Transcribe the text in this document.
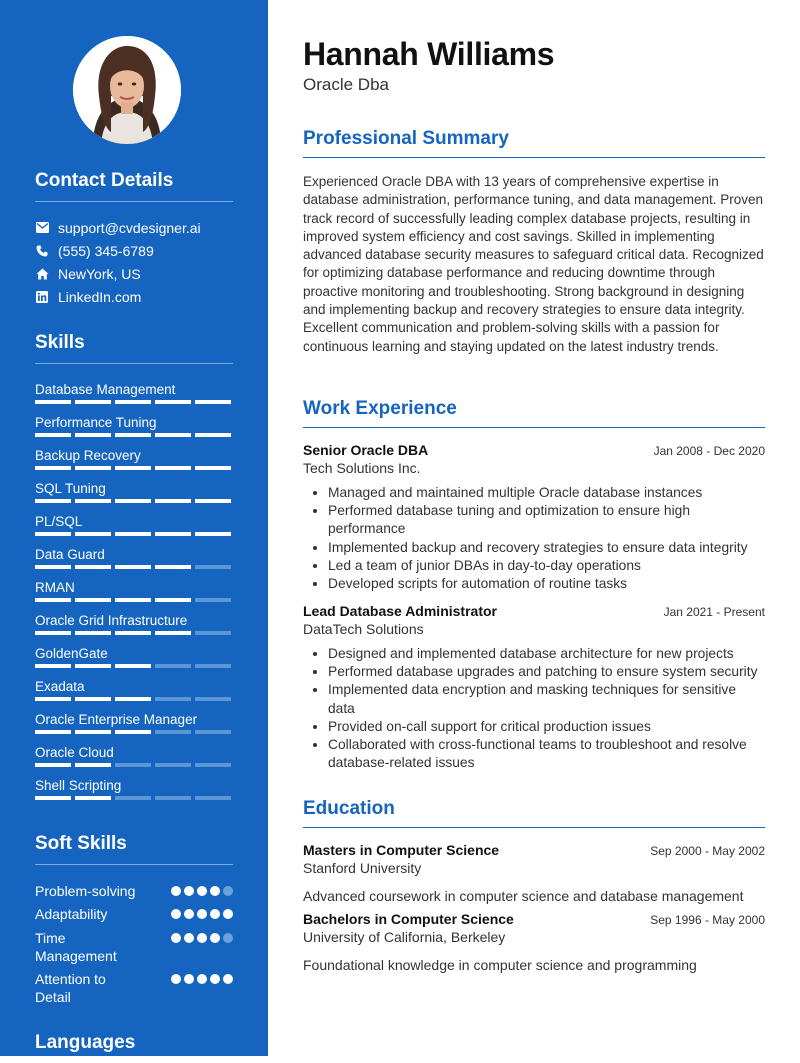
Contact Details
support@cvdesigner.ai
(555) 345-6789
NewYork, US
LinkedIn.com
Skills
Database Management
Performance Tuning
Backup Recovery
SQL Tuning
PL/SQL
Data Guard
RMAN
Oracle Grid Infrastructure
GoldenGate
Exadata
Oracle Enterprise Manager
Oracle Cloud
Shell Scripting
Soft Skills
Problem-solving
Adaptability
Time Management
Attention to Detail
Languages
Hannah Williams
Oracle Dba
Professional Summary

Experienced Oracle DBA with 13 years of comprehensive expertise in database administration, performance tuning, and data management. Proven track record of successfully leading complex database projects, resulting in improved system efficiency and cost savings. Skilled in implementing advanced database security measures to safeguard critical data. Recognized for optimizing database performance and reducing downtime through proactive monitoring and troubleshooting. Strong background in designing and implementing backup and recovery strategies to ensure data integrity. Excellent communication and problem-solving skills with a passion for continuous learning and staying updated on the latest industry trends.

Work Experience
Senior Oracle DBA	Jan 2008 - Dec 2020
Tech Solutions Inc.
• Managed and maintained multiple Oracle database instances
• Performed database tuning and optimization to ensure high performance
• Implemented backup and recovery strategies to ensure data integrity
• Led a team of junior DBAs in day-to-day operations
• Developed scripts for automation of routine tasks
Lead Database Administrator	Jan 2021 - Present
DataTech Solutions
• Designed and implemented database architecture for new projects
• Performed database upgrades and patching to ensure system security
• Implemented data encryption and masking techniques for sensitive data
• Provided on-call support for critical production issues
• Collaborated with cross-functional teams to troubleshoot and resolve database-related issues
Education
Masters in Computer Science	Sep 2000 - May 2002
Stanford University
Advanced coursework in computer science and database management
Bachelors in Computer Science	Sep 1996 - May 2000
University of California, Berkeley
Foundational knowledge in computer science and programming
